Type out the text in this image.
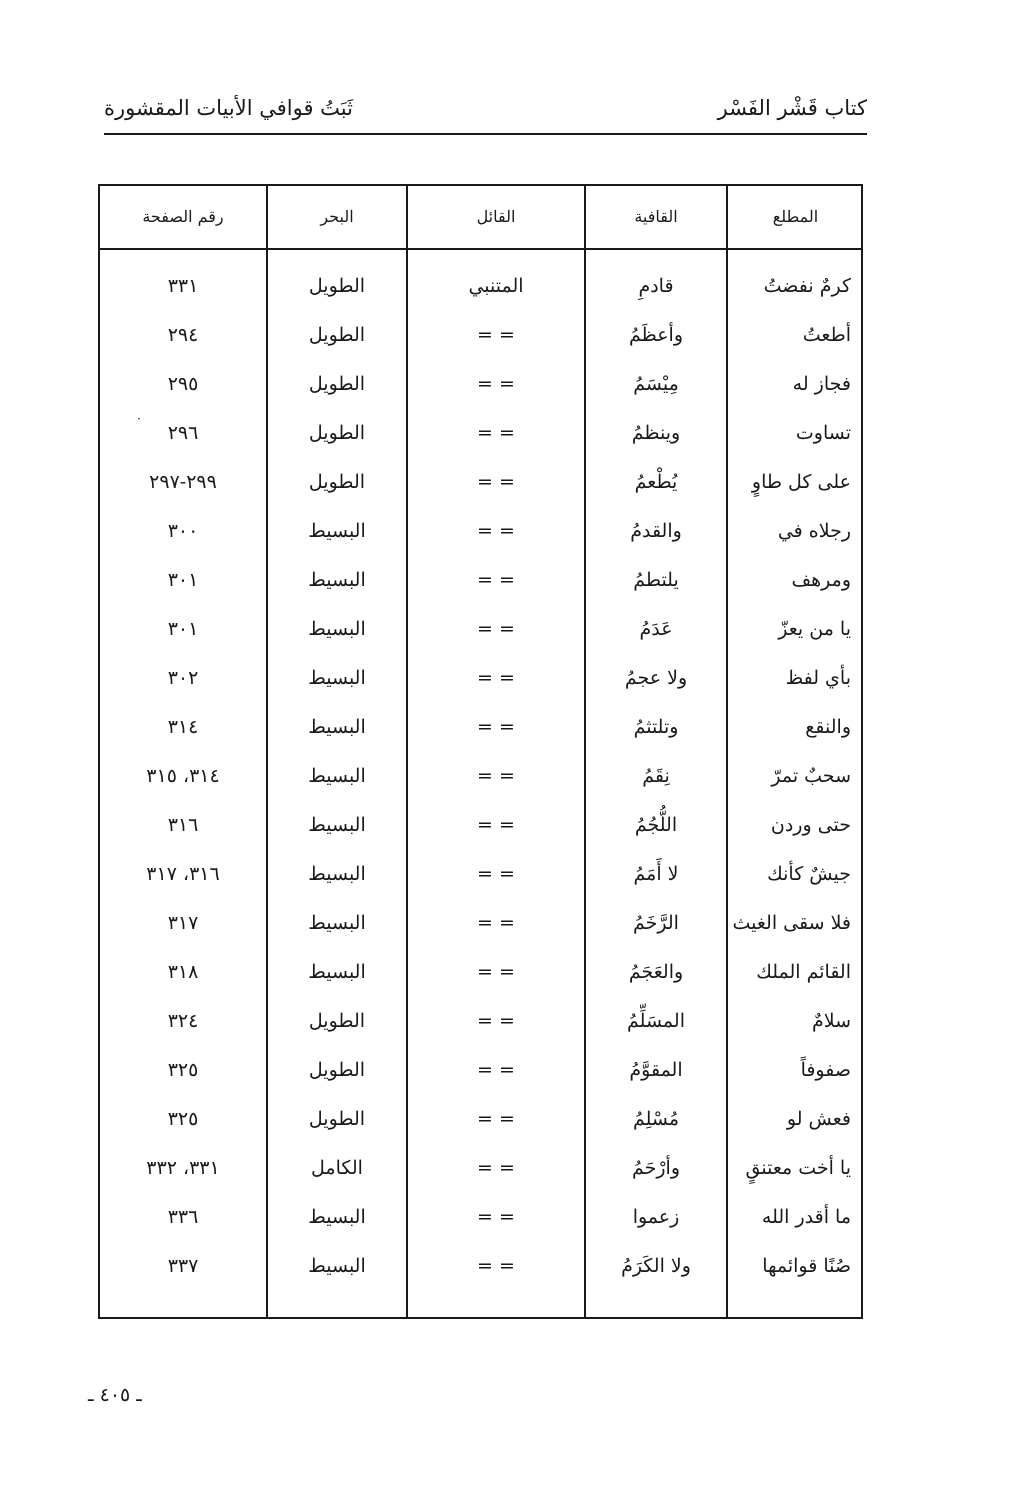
كتاب قَشْر الفَسْر
ثَبَتُ قوافي الأبيات المقشورة
المطلع
القافية
القائل
البحر
رقم الصفحة
كرمٌ نفضتُ
قادمِ
المتنبي
الطويل
٣٣١
أطعتُ
وأعظَمُ
= =
الطويل
٢٩٤
فجاز له
مِيْسَمُ
= =
الطويل
٢٩٥
تساوت
وينظمُ
= =
الطويل
٢٩٦
على كل طاوٍ
يُطْعمُ
= =
الطويل
٢٩٩-٢٩٧
رجلاه في
والقدمُ
= =
البسيط
٣٠٠
ومرهف
يلتطمُ
= =
البسيط
٣٠١
يا من يعزّ
عَدَمُ
= =
البسيط
٣٠١
بأي لفظ
ولا عجمُ
= =
البسيط
٣٠٢
والنقع
وتلتثمُ
= =
البسيط
٣١٤
سحبٌ تمرّ
نِقَمُ
= =
البسيط
٣١٤، ٣١٥
حتى وردن
اللُّجُمُ
= =
البسيط
٣١٦
جيشٌ كأنك
لا أَمَمُ
= =
البسيط
٣١٦، ٣١٧
فلا سقى الغيث
الرَّخَمُ
= =
البسيط
٣١٧
القائم الملك
والعَجَمُ
= =
البسيط
٣١٨
سلامٌ
المسَلِّمُ
= =
الطويل
٣٢٤
صفوفاً
المقوَّمُ
= =
الطويل
٣٢٥
فعش لو
مُسْلِمُ
= =
الطويل
٣٢٥
يا أخت معتنقٍ
وأرْحَمُ
= =
الكامل
٣٣١، ٣٣٢
ما أقدر الله
زعموا
= =
البسيط
٣٣٦
صُنًا قوائمها
ولا الكَرَمُ
= =
البسيط
٣٣٧
·
ـ ٤٠٥ ـ
